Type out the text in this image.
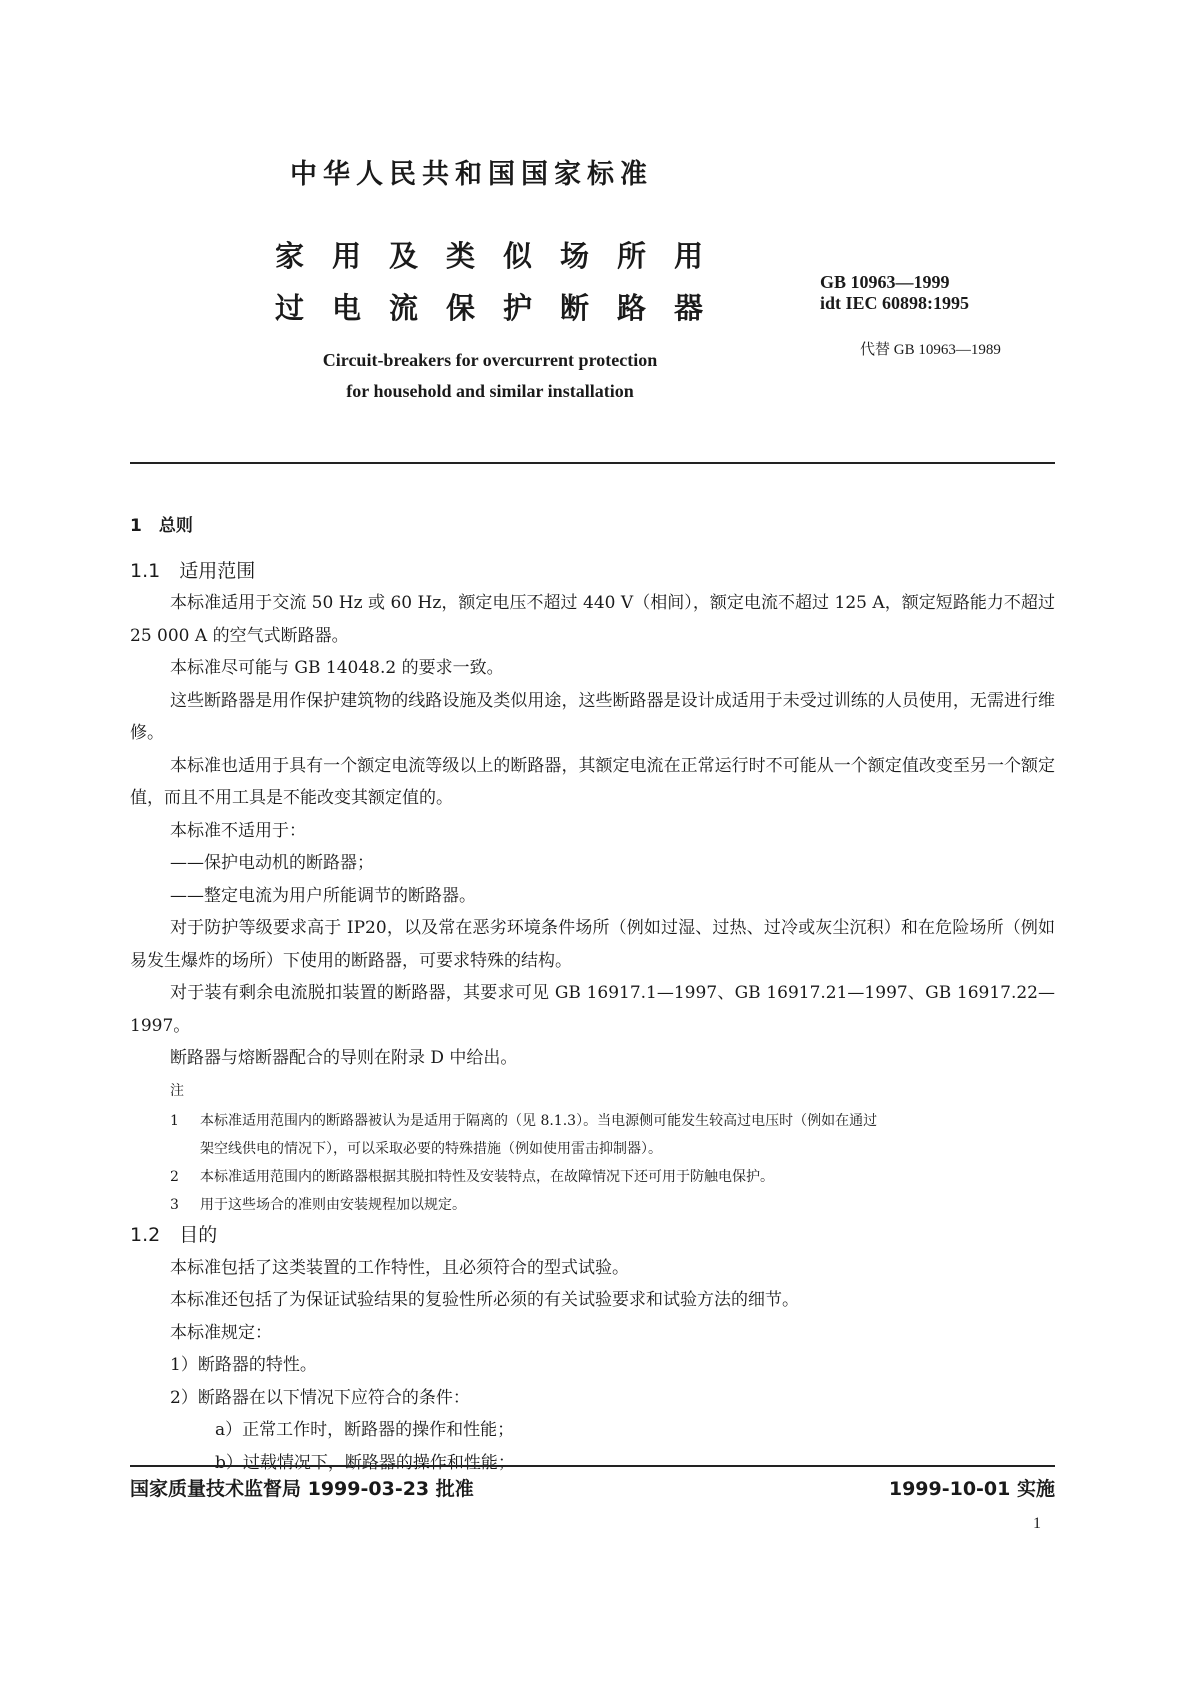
中华人民共和国国家标准
家用及类似场所用
过电流保护断路器
Circuit-breakers for overcurrent protection
for household and similar installation
GB 10963—1999
idt IEC 60898:1995
代替 GB 10963—1989

1　总则

1.1　适用范围

本标准适用于交流 50 Hz 或 60 Hz，额定电压不超过 440 V（相间），额定电流不超过 125 A，额定短路能力不超过 25 000 A 的空气式断路器。

本标准尽可能与 GB 14048.2 的要求一致。

这些断路器是用作保护建筑物的线路设施及类似用途，这些断路器是设计成适用于未受过训练的人员使用，无需进行维修。

本标准也适用于具有一个额定电流等级以上的断路器，其额定电流在正常运行时不可能从一个额定值改变至另一个额定值，而且不用工具是不能改变其额定值的。

本标准不适用于：

——保护电动机的断路器；

——整定电流为用户所能调节的断路器。

对于防护等级要求高于 IP20，以及常在恶劣环境条件场所（例如过湿、过热、过冷或灰尘沉积）和在危险场所（例如易发生爆炸的场所）下使用的断路器，可要求特殊的结构。

对于装有剩余电流脱扣装置的断路器，其要求可见 GB 16917.1—1997、GB 16917.21—1997、GB 16917.22—1997。

断路器与熔断器配合的导则在附录 D 中给出。

注

1 本标准适用范围内的断路器被认为是适用于隔离的（见 8.1.3）。当电源侧可能发生较高过电压时（例如在通过
架空线供电的情况下），可以采取必要的特殊措施（例如使用雷击抑制器）。
2 本标准适用范围内的断路器根据其脱扣特性及安装特点，在故障情况下还可用于防触电保护。
3 用于这些场合的准则由安装规程加以规定。

1.2　目的

本标准包括了这类装置的工作特性，且必须符合的型式试验。

本标准还包括了为保证试验结果的复验性所必须的有关试验要求和试验方法的细节。

本标准规定：

1）断路器的特性。

2）断路器在以下情况下应符合的条件：

a）正常工作时，断路器的操作和性能；

b）过载情况下，断路器的操作和性能；

国家质量技术监督局 1999-03-23 批准	1999-10-01 实施
1
